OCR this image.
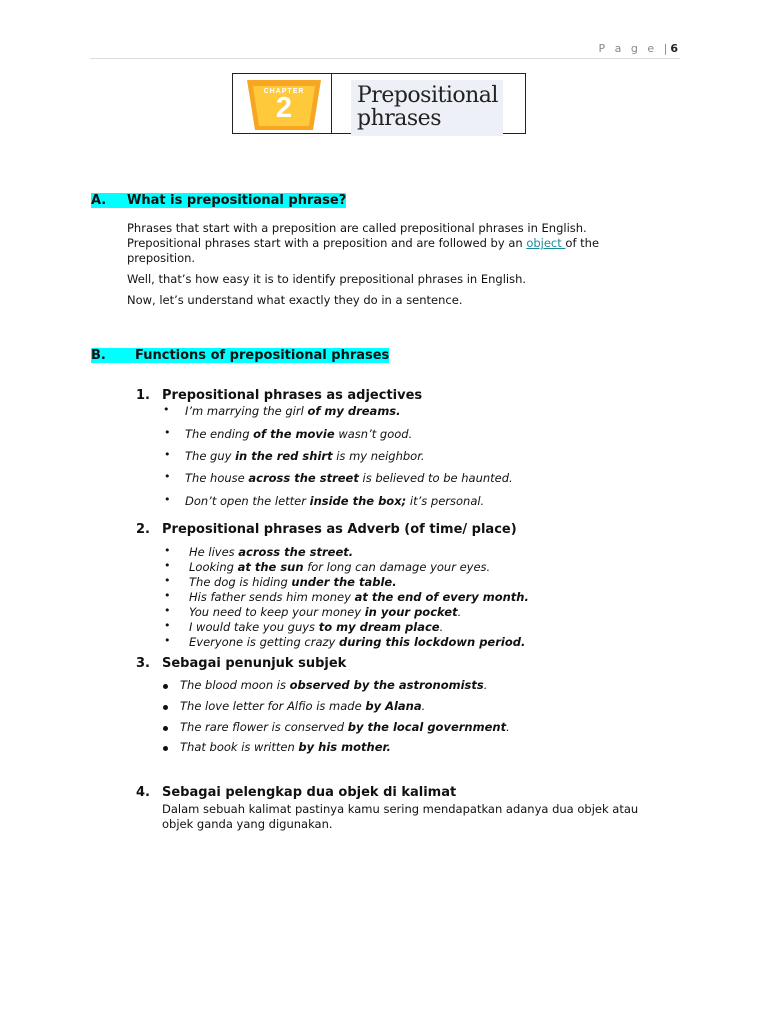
P a g e |6
CHAPTER
2	Prepositional
phrases
A. What is prepositional phrase?
Phrases that start with a preposition are called prepositional phrases in English.
Prepositional phrases start with a preposition and are followed by an object of the
preposition.
Well, that’s how easy it is to identify prepositional phrases in English.
Now, let’s understand what exactly they do in a sentence.
B. Functions of prepositional phrases
1. Prepositional phrases as adjectives
• I’m marrying the girl of my dreams.
• The ending of the movie wasn’t good.
• The guy in the red shirt is my neighbor.
• The house across the street is believed to be haunted.
• Don’t open the letter inside the box; it’s personal.
2. Prepositional phrases as Adverb (of time/ place)
• He lives across the street.
• Looking at the sun for long can damage your eyes.
• The dog is hiding under the table.
• His father sends him money at the end of every month.
• You need to keep your money in your pocket.
• I would take you guys to my dream place.
• Everyone is getting crazy during this lockdown period.
3. Sebagai penunjuk subjek
The blood moon is observed by the astronomists.
The love letter for Alfio is made by Alana.
The rare flower is conserved by the local government.
That book is written by his mother.
4. Sebagai pelengkap dua objek di kalimat
Dalam sebuah kalimat pastinya kamu sering mendapatkan adanya dua objek atau
objek ganda yang digunakan.
